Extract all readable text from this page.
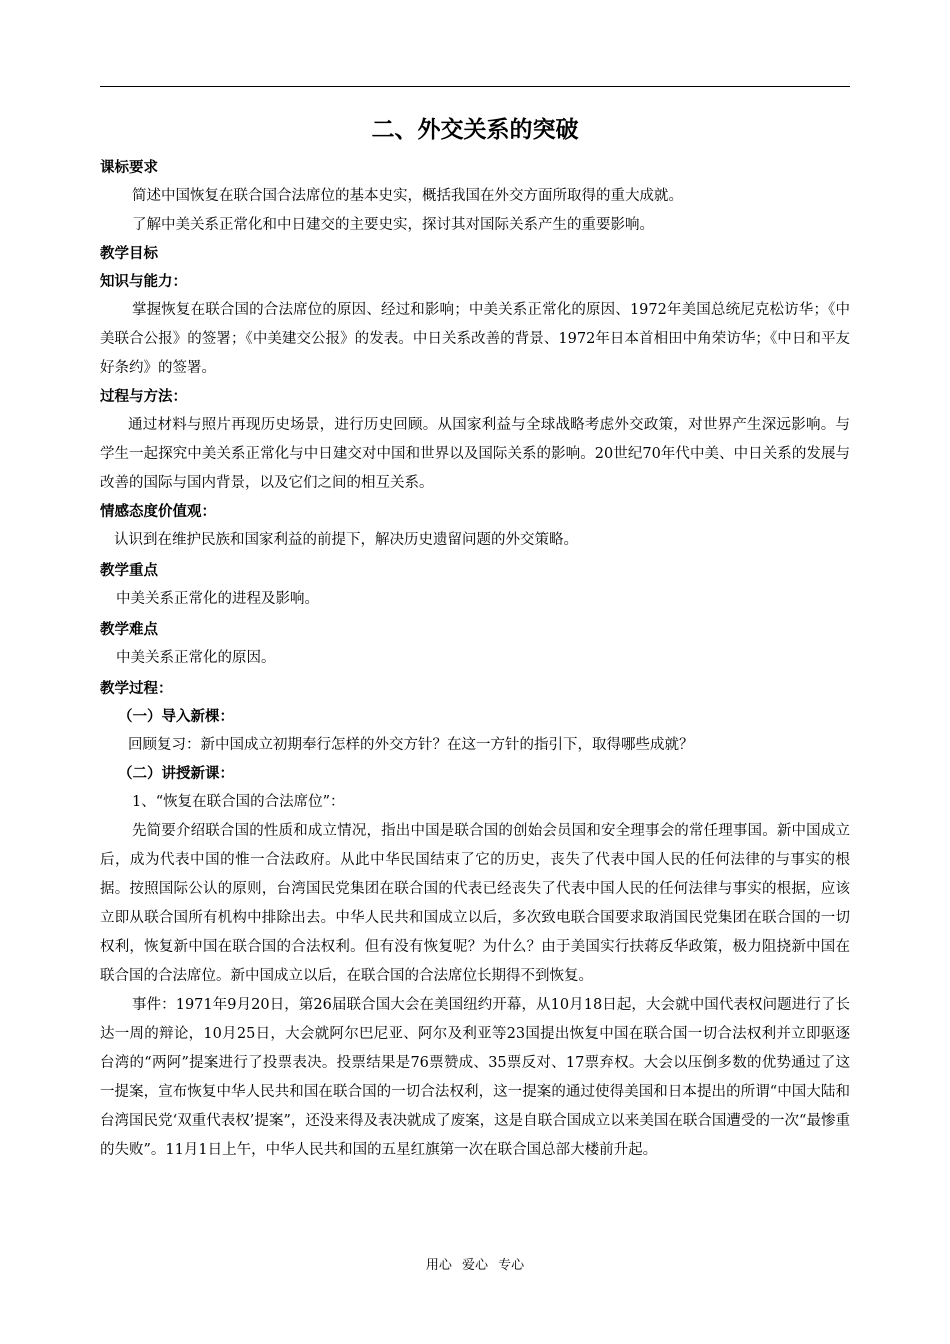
二、外交关系的突破
课标要求

简述中国恢复在联合国合法席位的基本史实，概括我国在外交方面所取得的重大成就。

了解中美关系正常化和中日建交的主要史实，探讨其对国际关系产生的重要影响。

教学目标
知识与能力：

掌握恢复在联合国的合法席位的原因、经过和影响；中美关系正常化的原因、1972年美国总统尼克松访华；《中美联合公报》的签署；《中美建交公报》的发表。中日关系改善的背景、1972年日本首相田中角荣访华；《中日和平友好条约》的签署。

过程与方法：

通过材料与照片再现历史场景，进行历史回顾。从国家利益与全球战略考虑外交政策，对世界产生深远影响。与学生一起探究中美关系正常化与中日建交对中国和世界以及国际关系的影响。20世纪70年代中美、中日关系的发展与改善的国际与国内背景，以及它们之间的相互关系。

情感态度价值观：

认识到在维护民族和国家利益的前提下，解决历史遗留问题的外交策略。

教学重点

中美关系正常化的进程及影响。

教学难点

中美关系正常化的原因。

教学过程：
（一）导入新棵：

回顾复习：新中国成立初期奉行怎样的外交方针？在这一方针的指引下，取得哪些成就？

（二）讲授新课：

1、“恢复在联合国的合法席位”：

先简要介绍联合国的性质和成立情况，指出中国是联合国的创始会员国和安全理事会的常任理事国。新中国成立后，成为代表中国的惟一合法政府。从此中华民国结束了它的历史，丧失了代表中国人民的任何法律的与事实的根据。按照国际公认的原则，台湾国民党集团在联合国的代表已经丧失了代表中国人民的任何法律与事实的根据，应该立即从联合国所有机构中排除出去。中华人民共和国成立以后，多次致电联合国要求取消国民党集团在联合国的一切权利，恢复新中国在联合国的合法权利。但有没有恢复呢？为什么？由于美国实行扶蒋反华政策，极力阻挠新中国在联合国的合法席位。新中国成立以后，在联合国的合法席位长期得不到恢复。

事件：1971年9月20日，第26届联合国大会在美国纽约开幕，从10月18日起，大会就中国代表权问题进行了长达一周的辩论，10月25日，大会就阿尔巴尼亚、阿尔及利亚等23国提出恢复中国在联合国一切合法权利并立即驱逐台湾的“两阿”提案进行了投票表决。投票结果是76票赞成、35票反对、17票弃权。大会以压倒多数的优势通过了这一提案，宣布恢复中华人民共和国在联合国的一切合法权利，这一提案的通过使得美国和日本提出的所谓“中国大陆和台湾国民党‘双重代表权’提案”，还没来得及表决就成了废案，这是自联合国成立以来美国在联合国遭受的一次“最惨重的失败”。11月1日上午，中华人民共和国的五星红旗第一次在联合国总部大楼前升起。

用心 爱心 专心
